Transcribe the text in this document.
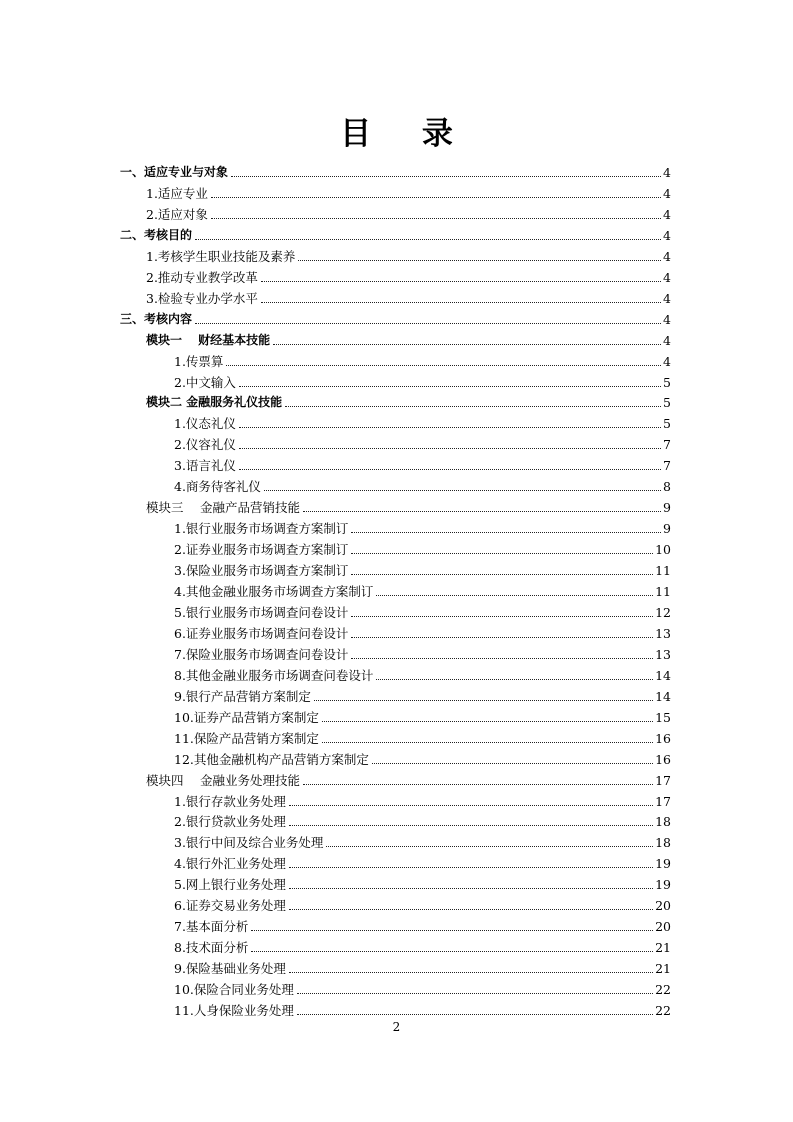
目 录
一、适应专业与对象	4
1.适应专业	4
2.适应对象	4
二、考核目的	4
1.考核学生职业技能及素养	4
2.推动专业教学改革	4
3.检验专业办学水平	4
三、考核内容	4
模块一　 财经基本技能	4
1.传票算	4
2.中文输入	5
模块二 金融服务礼仪技能	5
1.仪态礼仪	5
2.仪容礼仪	7
3.语言礼仪	7
4.商务待客礼仪	8
模块三　 金融产品营销技能	9
1.银行业服务市场调查方案制订	9
2.证券业服务市场调查方案制订	10
3.保险业服务市场调查方案制订	11
4.其他金融业服务市场调查方案制订	11
5.银行业服务市场调查问卷设计	12
6.证券业服务市场调查问卷设计	13
7.保险业服务市场调查问卷设计	13
8.其他金融业服务市场调查问卷设计	14
9.银行产品营销方案制定	14
10.证券产品营销方案制定	15
11.保险产品营销方案制定	16
12.其他金融机构产品营销方案制定	16
模块四　 金融业务处理技能	17
1.银行存款业务处理	17
2.银行贷款业务处理	18
3.银行中间及综合业务处理	18
4.银行外汇业务处理	19
5.网上银行业务处理	19
6.证券交易业务处理	20
7.基本面分析	20
8.技术面分析	21
9.保险基础业务处理	21
10.保险合同业务处理	22
11.人身保险业务处理	22
2
